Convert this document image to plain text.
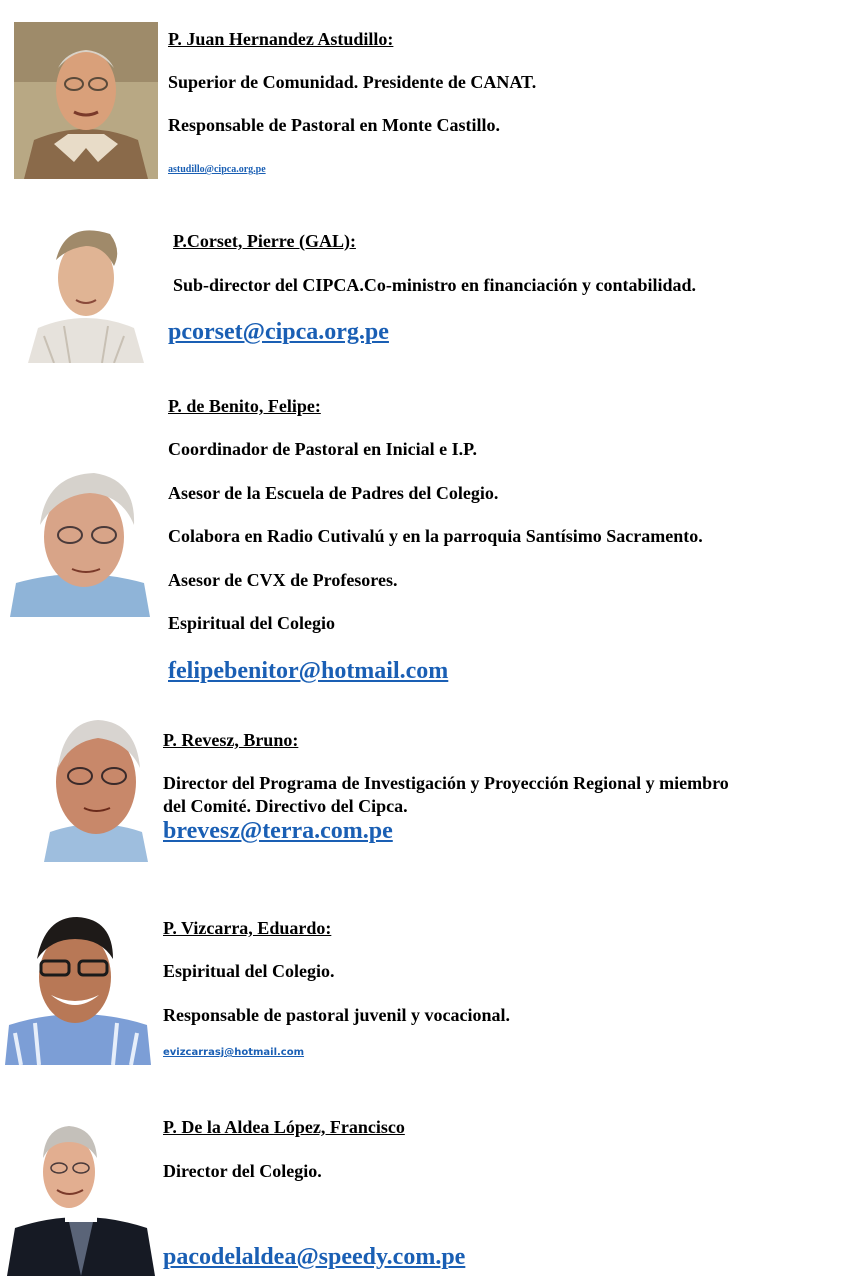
P. Juan Hernandez Astudillo:

Superior de Comunidad. Presidente de CANAT.

Responsable de Pastoral en Monte Castillo.

astudillo@cipca.org.pe

P.Corset, Pierre (GAL):

Sub-director del CIPCA.Co-ministro en financiación y contabilidad.

pcorset@cipca.org.pe

P. de Benito, Felipe:

Coordinador de Pastoral en Inicial e I.P.

Asesor de la Escuela de Padres del Colegio.

Colabora en Radio Cutivalú y en la parroquia Santísimo Sacramento.

Asesor de CVX de Profesores.

Espiritual del Colegio

felipebenitor@hotmail.com

P. Revesz, Bruno:

Director del Programa de Investigación y Proyección Regional y miembro

del Comité. Directivo del Cipca.

brevesz@terra.com.pe

P. Vizcarra, Eduardo:

Espiritual del Colegio.

Responsable de pastoral juvenil y vocacional.

evizcarrasj@hotmail.com

P. De la Aldea López, Francisco

Director del Colegio.

pacodelaldea@speedy.com.pe
